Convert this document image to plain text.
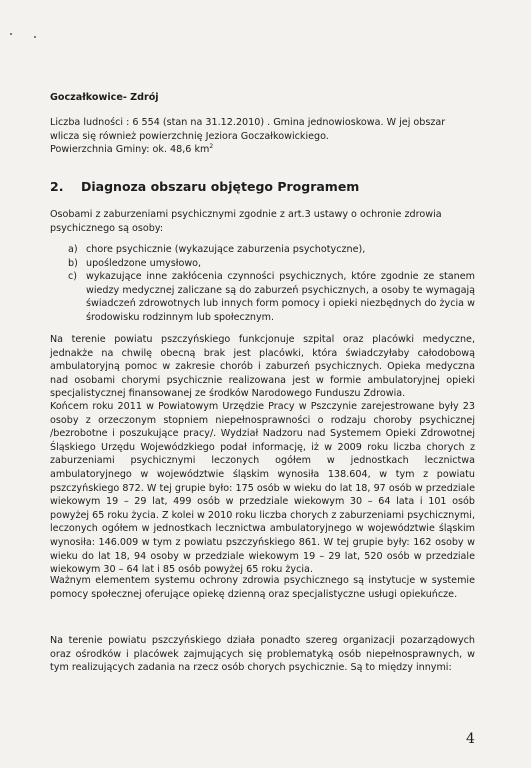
Goczałkowice- Zdrój

Liczba ludności : 6 554 (stan na 31.12.2010) . Gmina jednowioskowa. W jej obszar
wlicza się również powierzchnię Jeziora Goczałkowickiego.
Powierzchnia Gminy: ok. 48,6 $km^2$
2. Diagnoza obszaru objętego Programem
Osobami z zaburzeniami psychicznymi zgodnie z art.3 ustawy o ochronie zdrowia
psychicznego są osoby:
a) chore psychicznie (wykazujące zaburzenia psychotyczne),
b) upośledzone umysłowo,
c) wykazujące inne zakłócenia czynności psychicznych, które zgodnie ze stanem wiedzy medycznej zaliczane są do zaburzeń psychicznych, a osoby te wymagają świadczeń zdrowotnych lub innych form pomocy i opieki niezbędnych do życia w środowisku rodzinnym lub społecznym.

Na terenie powiatu pszczyńskiego funkcjonuje szpital oraz placówki medyczne, jednakże na chwilę obecną brak jest placówki, która świadczyłaby całodobową ambulatoryjną pomoc w zakresie chorób i zaburzeń psychicznych. Opieka medyczna nad osobami chorymi psychicznie realizowana jest w formie ambulatoryjnej opieki specjalistycznej finansowanej ze środków Narodowego Funduszu Zdrowia.

Końcem roku 2011 w Powiatowym Urzędzie Pracy w Pszczynie zarejestrowane były 23 osoby z orzeczonym stopniem niepełnosprawności o rodzaju choroby psychicznej /bezrobotne i poszukujące pracy/. Wydział Nadzoru nad Systemem Opieki Zdrowotnej Śląskiego Urzędu Wojewódzkiego podał informację, iż w 2009 roku liczba chorych z zaburzeniami psychicznymi leczonych ogółem w jednostkach lecznictwa ambulatoryjnego w województwie śląskim wynosiła 138.604, w tym z powiatu pszczyńskiego 872. W tej grupie było: 175 osób w wieku do lat 18, 97 osób w przedziale wiekowym 19 – 29 lat, 499 osób w przedziale wiekowym 30 – 64 lata i 101 osób powyżej 65 roku życia. Z kolei w 2010 roku liczba chorych z zaburzeniami psychicznymi, leczonych ogółem w jednostkach lecznictwa ambulatoryjnego w województwie śląskim wynosiła: 146.009 w tym z powiatu pszczyńskiego 861. W tej grupie były: 162 osoby w wieku do lat 18, 94 osoby w przedziale wiekowym 19 – 29 lat, 520 osób w przedziale wiekowym 30 – 64 lat i 85 osób powyżej 65 roku życia.

Ważnym elementem systemu ochrony zdrowia psychicznego są instytucje w systemie pomocy społecznej oferujące opiekę dzienną oraz specjalistyczne usługi opiekuńcze.

Na terenie powiatu pszczyńskiego działa ponadto szereg organizacji pozarządowych oraz ośrodków i placówek zajmujących się problematyką osób niepełnosprawnych, w tym realizujących zadania na rzecz osób chorych psychicznie. Są to między innymi:

4
